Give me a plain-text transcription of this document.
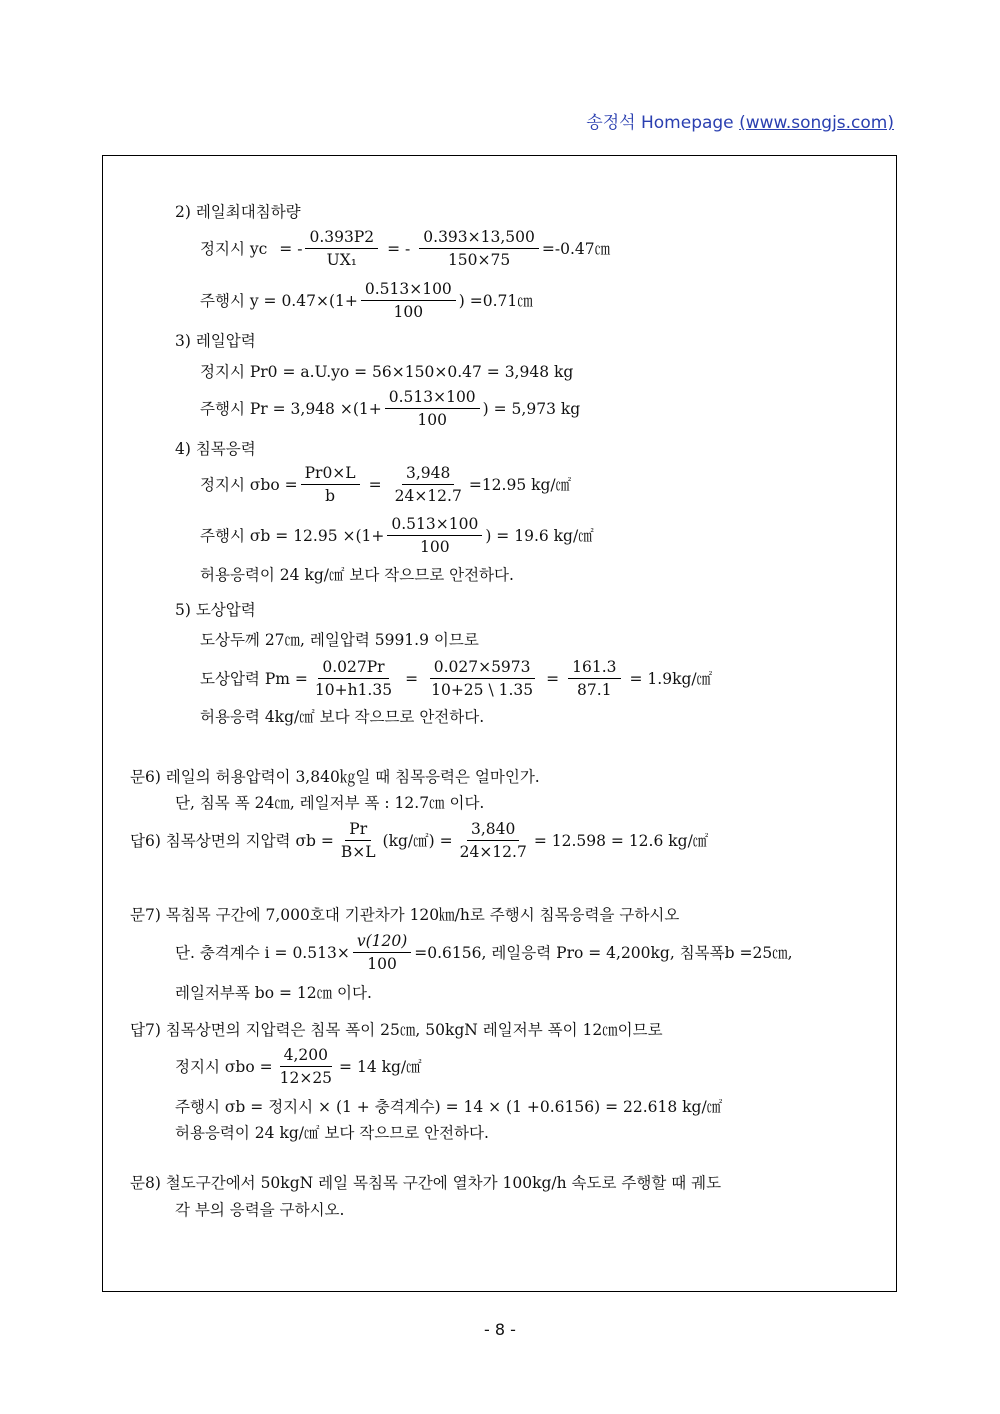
송정석 Homepage (www.songjs.com)
2) 레일최대침하량
정지시 yc = - $\frac{0.393P2}{\text{UX₁}}$ = - $\frac{0.393\times 13,500}{150\times 75}$ =-0.47㎝
주행시 $y = 0.47\times(1+ \frac{0.513\times 100}{100}$ ) =0.71㎝
3) 레일압력
정지시 Pr0 = a.U.yo = 56×150×0.47 = 3,948 kg
주행시 $Pr = 3,948 \times(1+ \frac{0.513\times 100}{100}$ ) = 5,973 kg
4) 침목응력
정지시 $\sigma bo = \frac{Pr0\times L}{b} = \frac{3,948}{24\times 12.7} =12.95$ kg/㎠
주행시 $\sigma b = 12.95 \times(1+ \frac{0.513\times 100}{100}$ ) = 19.6 kg/㎠
허용응력이 24 kg/㎠ 보다 작으므로 안전하다.
5) 도상압력
도상두께 27㎝, 레일압력 5991.9 이므로
도상압력 $Pm = \frac{0.027Pr}{10+h1.35} = \frac{0.027\times 5973}{10+25 \backslash 1.35} = \frac{161.3}{87.1}$ = 1.9kg/㎠
허용응력 4kg/㎠ 보다 작으므로 안전하다.
문6) 레일의 허용압력이 3,840㎏일 때 침목응력은 얼마인가.
단, 침목 폭 24㎝, 레일저부 폭 : 12.7㎝ 이다.
답6) 침목상면의 지압력 $\sigma b = \frac{Pr}{B\times L}$ (kg/㎠) = $\frac{3,840}{24\times 12.7} = 12.598 = 12.6$ kg/㎠
문7) 목침목 구간에 7,000호대 기관차가 120㎞/h로 주행시 침목응력을 구하시오
단. 충격계수 $i = 0.513\times \frac{v(120)}{100} =0.6156$, 레일응력 Pro = 4,200kg, 침목폭b =25㎝,
레일저부폭 bo = 12㎝ 이다.
답7) 침목상면의 지압력은 침목 폭이 25㎝, 50kgN 레일저부 폭이 12㎝이므로
정지시 $\sigma bo = \frac{4,200}{12\times 25} = 14$ kg/㎠
주행시 σb = 정지시 × (1 + 충격계수) = 14 × (1 +0.6156) = 22.618 kg/㎠
허용응력이 24 kg/㎠ 보다 작으므로 안전하다.
문8) 철도구간에서 50kgN 레일 목침목 구간에 열차가 100kg/h 속도로 주행할 때 궤도
각 부의 응력을 구하시오.
- 8 -
